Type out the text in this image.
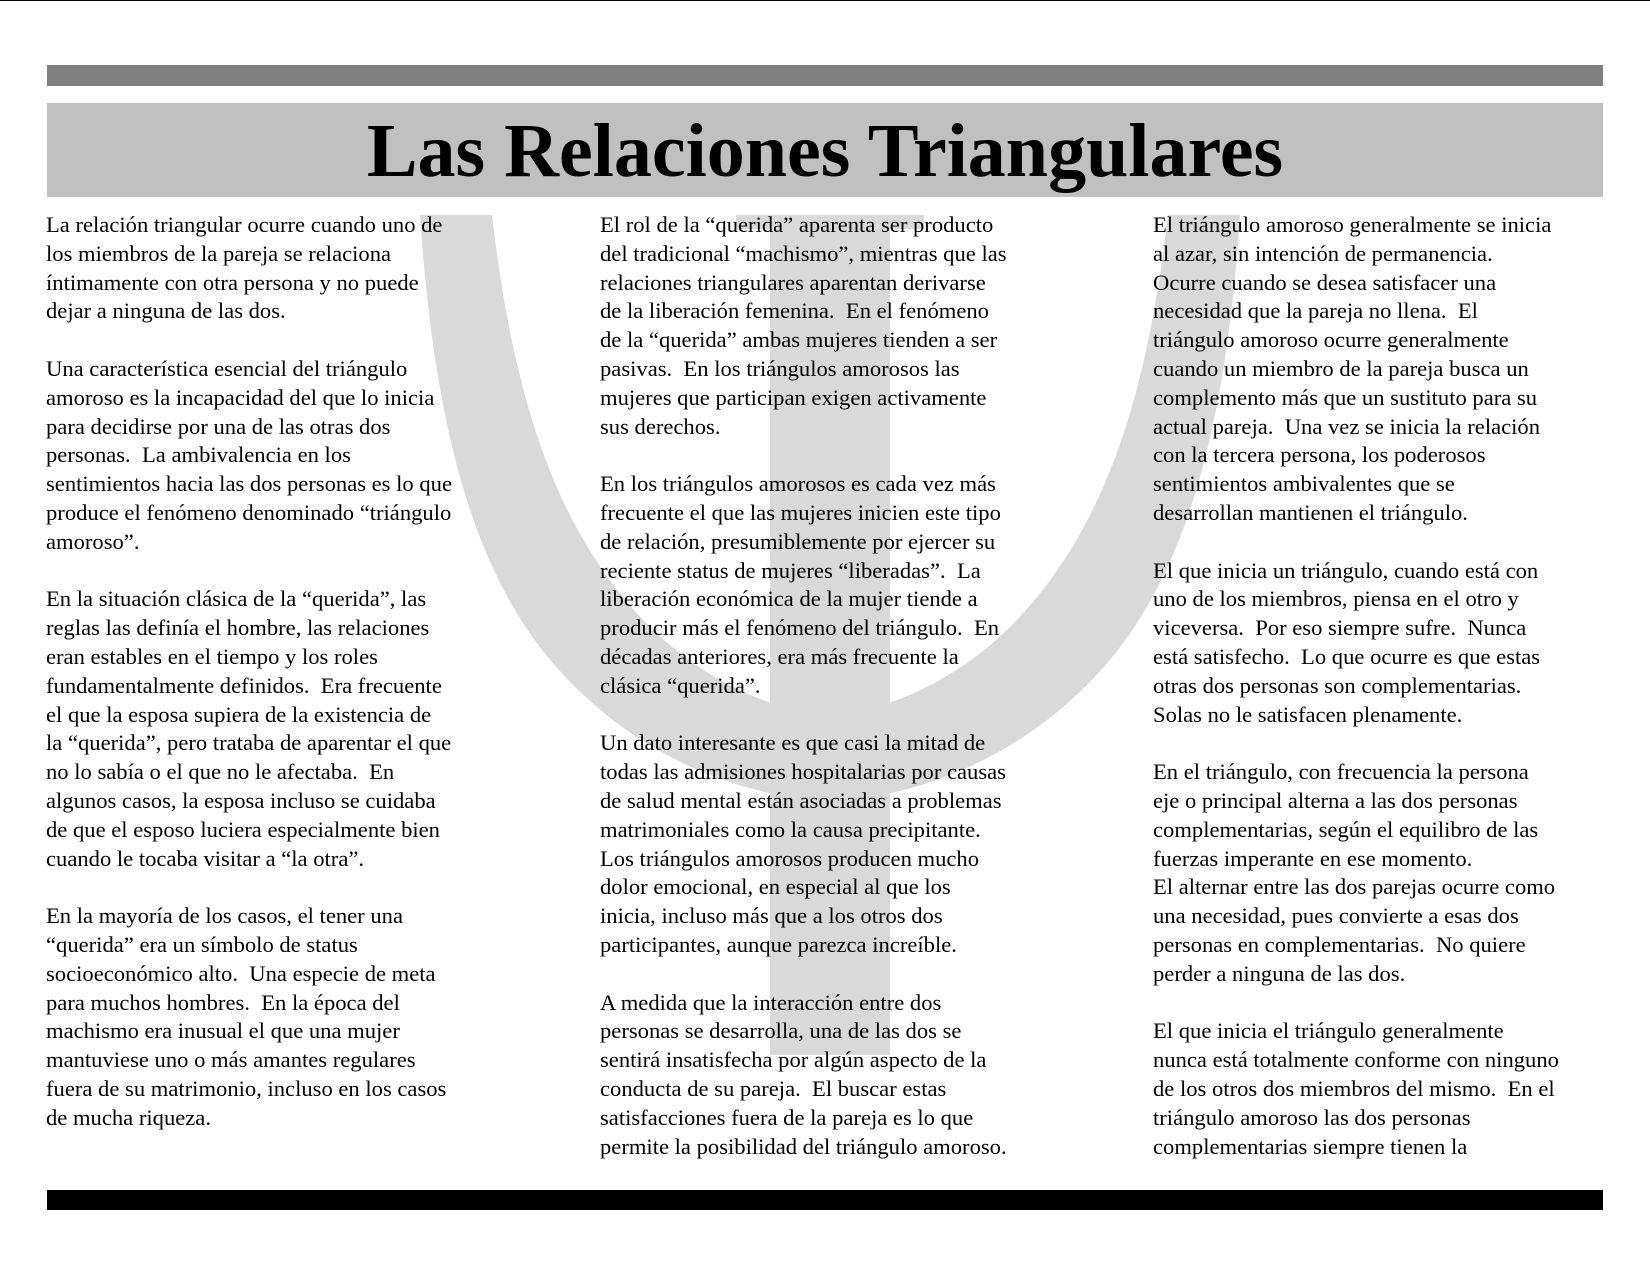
Las Relaciones Triangulares
La relación triangular ocurre cuando uno de
los miembros de la pareja se relaciona
íntimamente con otra persona y no puede
dejar a ninguna de las dos.
Una característica esencial del triángulo
amoroso es la incapacidad del que lo inicia
para decidirse por una de las otras dos
personas.  La ambivalencia en los
sentimientos hacia las dos personas es lo que
produce el fenómeno denominado “triángulo
amoroso”.
En la situación clásica de la “querida”, las
reglas las definía el hombre, las relaciones
eran estables en el tiempo y los roles
fundamentalmente definidos.  Era frecuente
el que la esposa supiera de la existencia de
la “querida”, pero trataba de aparentar el que
no lo sabía o el que no le afectaba.  En
algunos casos, la esposa incluso se cuidaba
de que el esposo luciera especialmente bien
cuando le tocaba visitar a “la otra”.
En la mayoría de los casos, el tener una
“querida” era un símbolo de status
socioeconómico alto.  Una especie de meta
para muchos hombres.  En la época del
machismo era inusual el que una mujer
mantuviese uno o más amantes regulares
fuera de su matrimonio, incluso en los casos
de mucha riqueza.
El rol de la “querida” aparenta ser producto
del tradicional “machismo”, mientras que las
relaciones triangulares aparentan derivarse
de la liberación femenina.  En el fenómeno
de la “querida” ambas mujeres tienden a ser
pasivas.  En los triángulos amorosos las
mujeres que participan exigen activamente
sus derechos.
En los triángulos amorosos es cada vez más
frecuente el que las mujeres inicien este tipo
de relación, presumiblemente por ejercer su
reciente status de mujeres “liberadas”.  La
liberación económica de la mujer tiende a
producir más el fenómeno del triángulo.  En
décadas anteriores, era más frecuente la
clásica “querida”.
Un dato interesante es que casi la mitad de
todas las admisiones hospitalarias por causas
de salud mental están asociadas a problemas
matrimoniales como la causa precipitante.
Los triángulos amorosos producen mucho
dolor emocional, en especial al que los
inicia, incluso más que a los otros dos
participantes, aunque parezca increíble.
A medida que la interacción entre dos
personas se desarrolla, una de las dos se
sentirá insatisfecha por algún aspecto de la
conducta de su pareja.  El buscar estas
satisfacciones fuera de la pareja es lo que
permite la posibilidad del triángulo amoroso.
El triángulo amoroso generalmente se inicia
al azar, sin intención de permanencia.
Ocurre cuando se desea satisfacer una
necesidad que la pareja no llena.  El
triángulo amoroso ocurre generalmente
cuando un miembro de la pareja busca un
complemento más que un sustituto para su
actual pareja.  Una vez se inicia la relación
con la tercera persona, los poderosos
sentimientos ambivalentes que se
desarrollan mantienen el triángulo.
El que inicia un triángulo, cuando está con
uno de los miembros, piensa en el otro y
viceversa.  Por eso siempre sufre.  Nunca
está satisfecho.  Lo que ocurre es que estas
otras dos personas son complementarias.
Solas no le satisfacen plenamente.
En el triángulo, con frecuencia la persona
eje o principal alterna a las dos personas
complementarias, según el equilibro de las
fuerzas imperante en ese momento.
El alternar entre las dos parejas ocurre como
una necesidad, pues convierte a esas dos
personas en complementarias.  No quiere
perder a ninguna de las dos.
El que inicia el triángulo generalmente
nunca está totalmente conforme con ninguno
de los otros dos miembros del mismo.  En el
triángulo amoroso las dos personas
complementarias siempre tienen la
